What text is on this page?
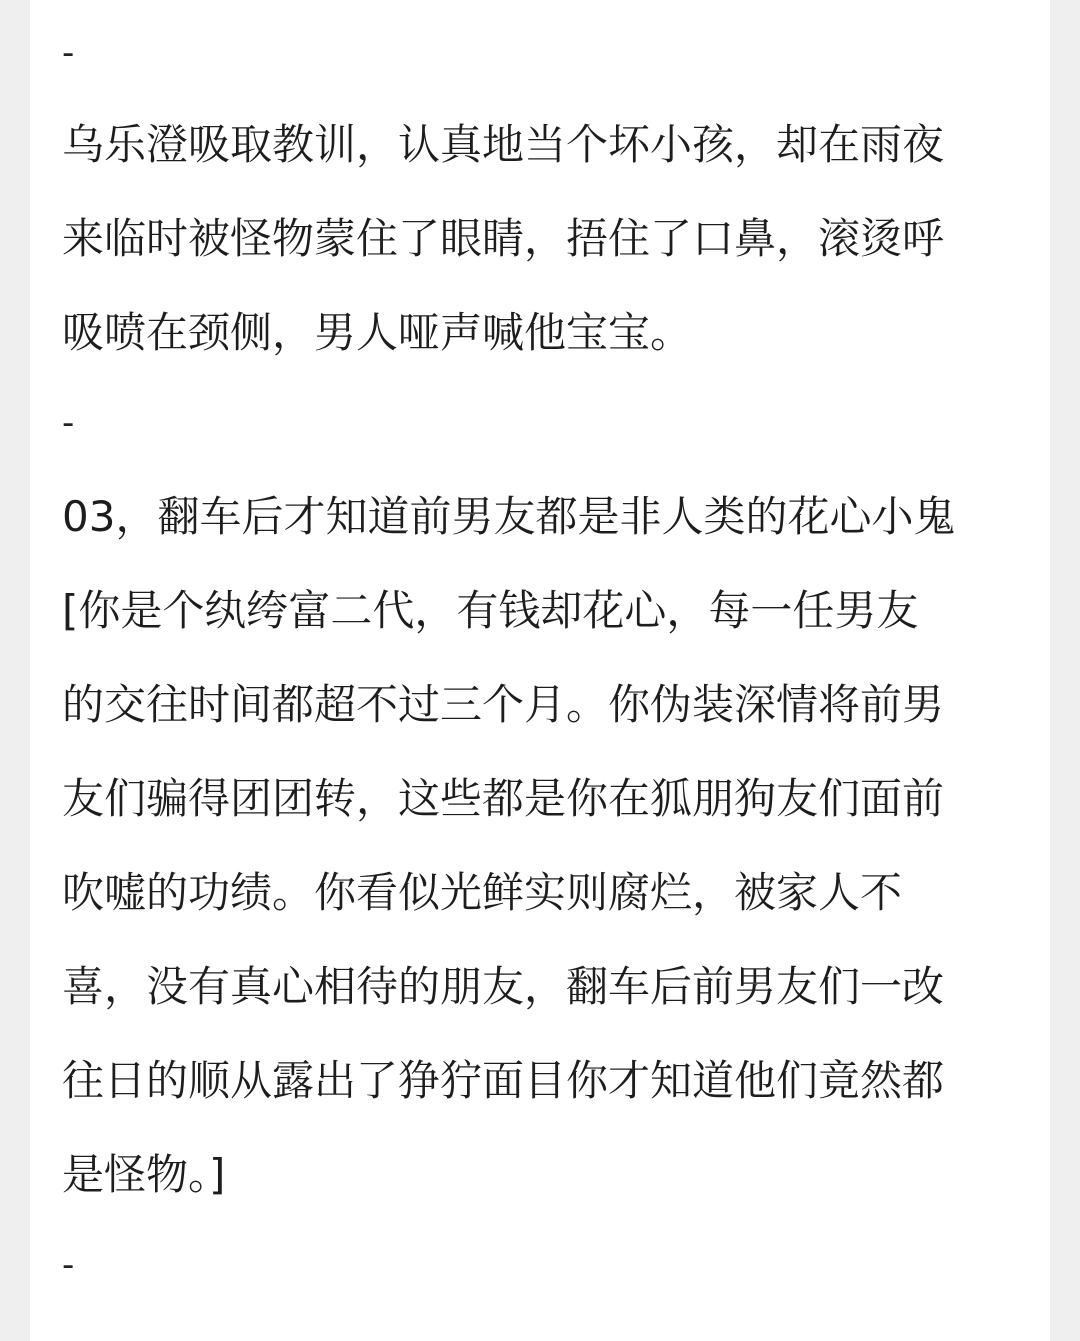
-
乌乐澄吸取教训，认真地当个坏小孩，却在雨夜
来临时被怪物蒙住了眼睛，捂住了口鼻，滚烫呼
吸喷在颈侧，男人哑声喊他宝宝。
-
03，翻车后才知道前男友都是非人类的花心小鬼
[你是个纨绔富二代，有钱却花心，每一任男友
的交往时间都超不过三个月。你伪装深情将前男
友们骗得团团转，这些都是你在狐朋狗友们面前
吹嘘的功绩。你看似光鲜实则腐烂，被家人不
喜，没有真心相待的朋友，翻车后前男友们一改
往日的顺从露出了狰狞面目你才知道他们竟然都
是怪物。]
-
